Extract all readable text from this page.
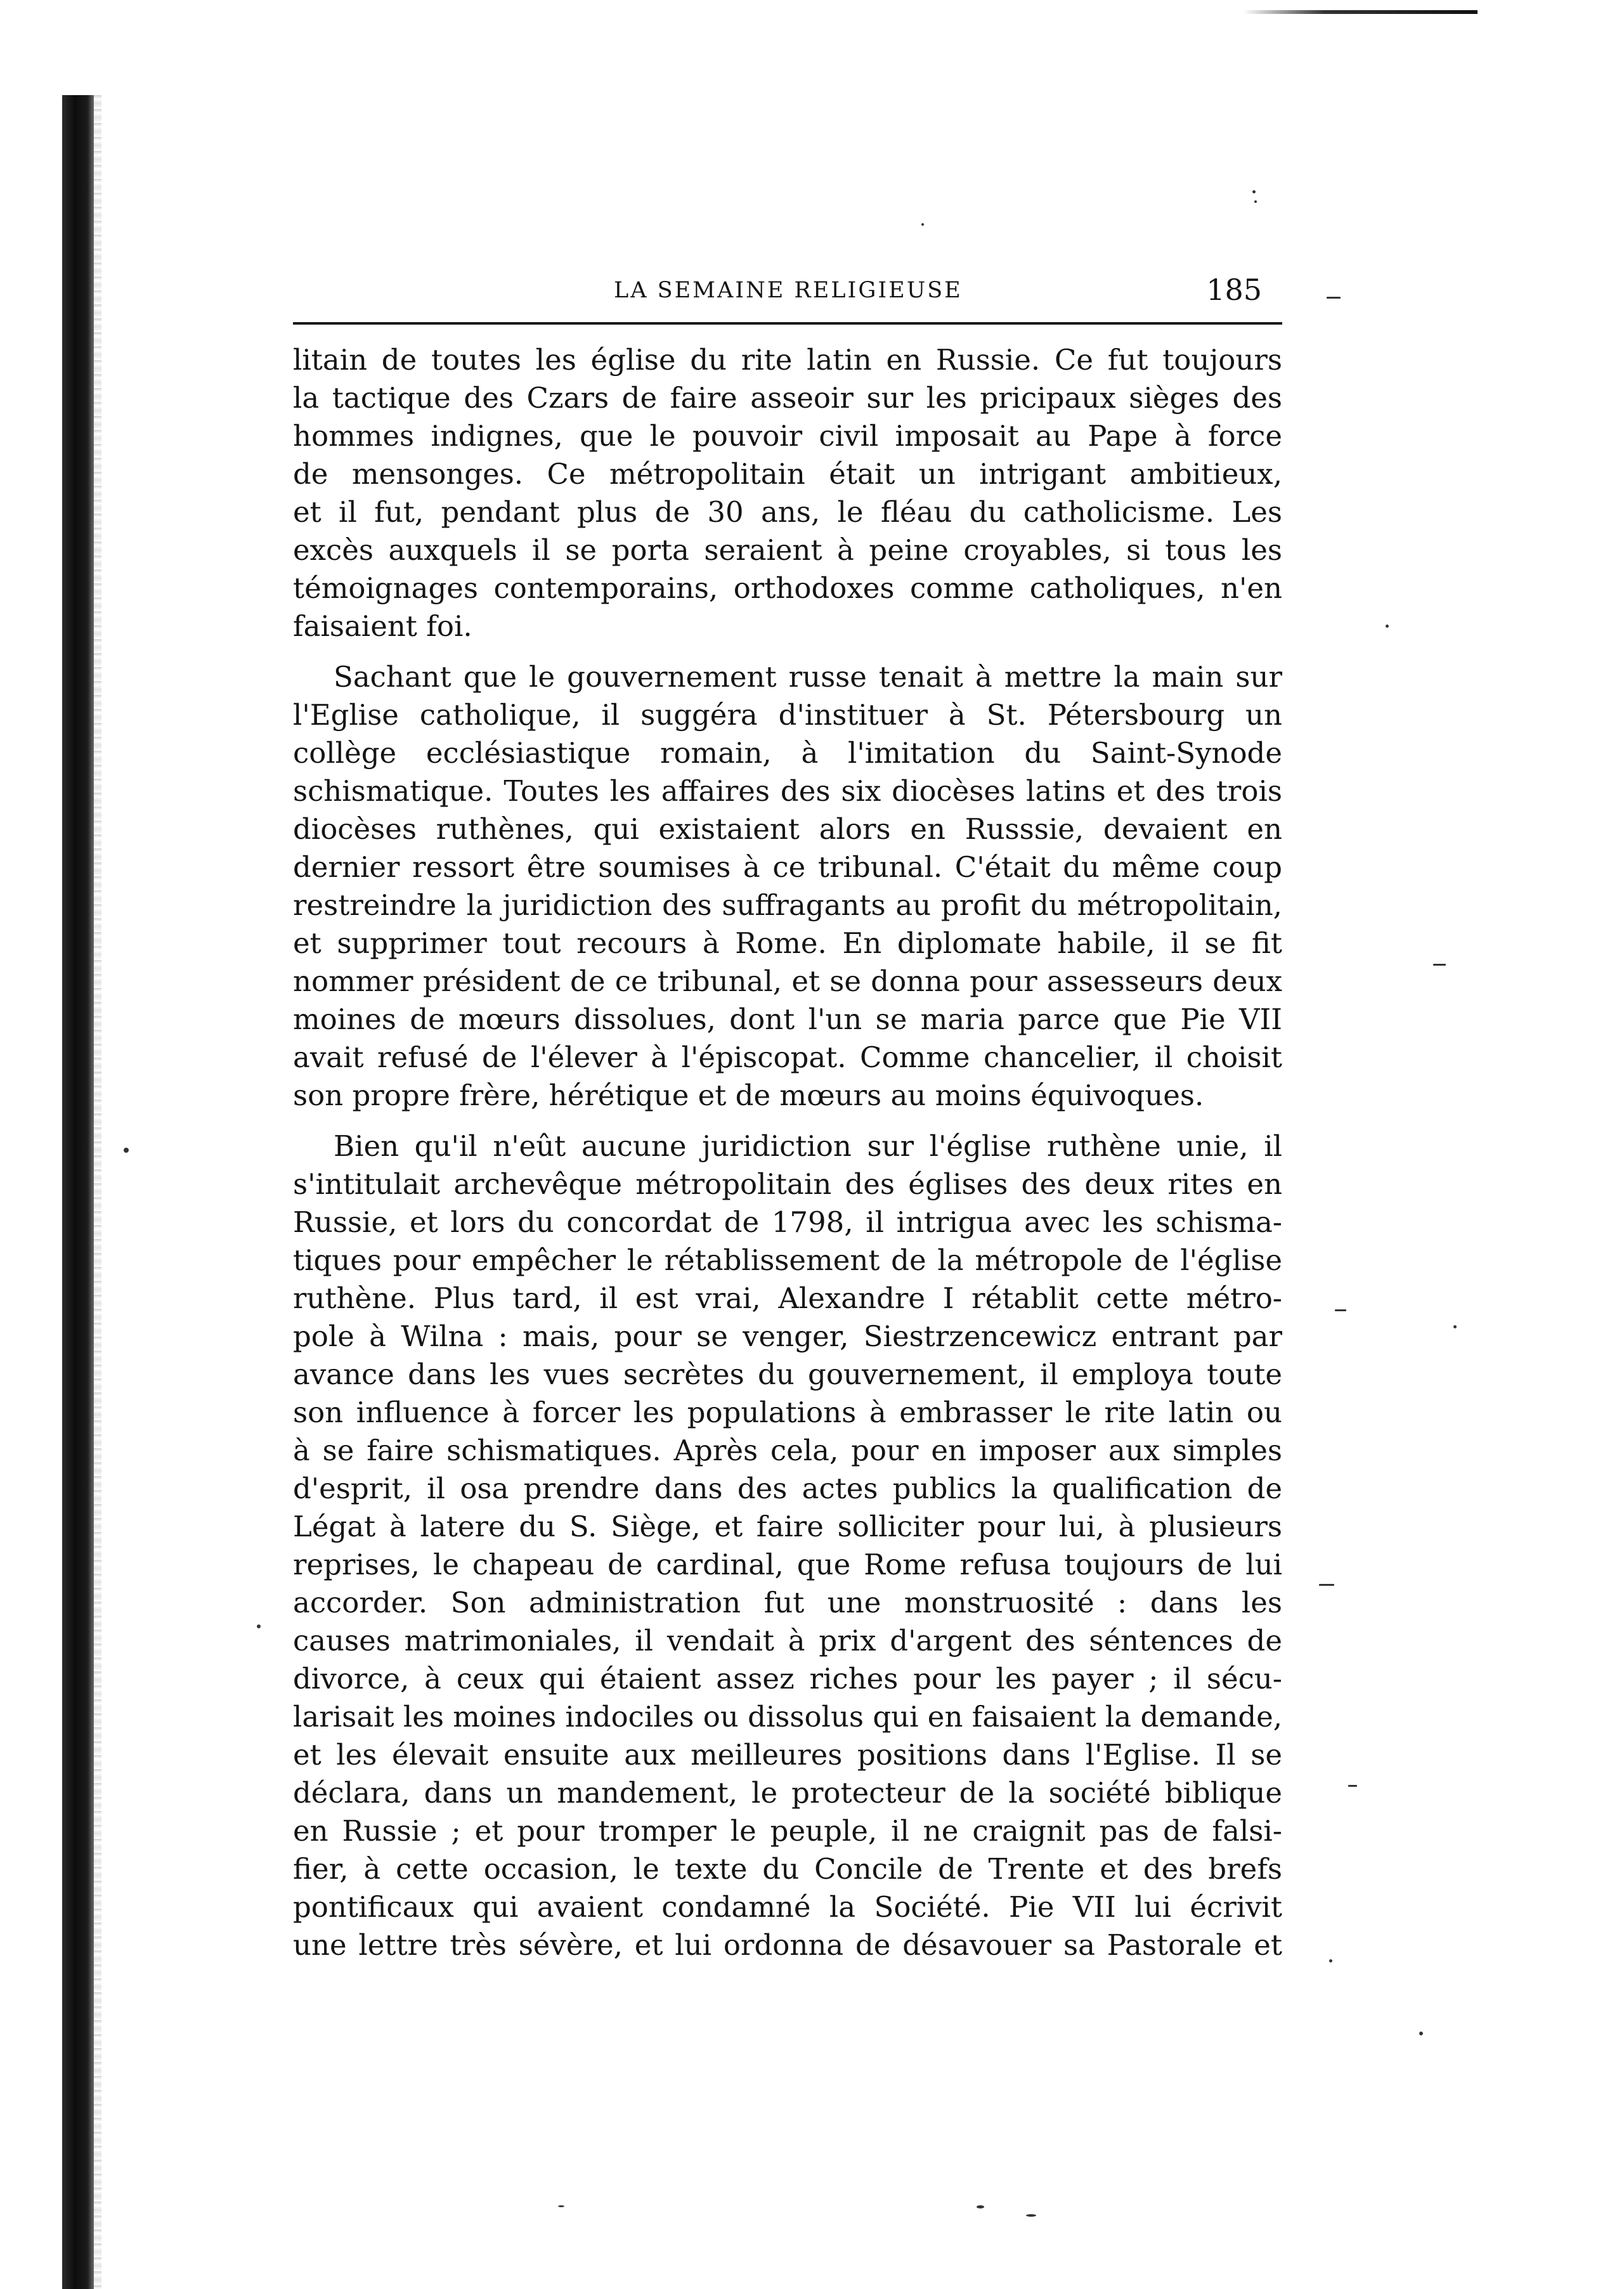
LA SEMAINE RELIGIEUSE	185
litain de toutes les église du rite latin en Russie. Ce fut toujours
la tactique des Czars de faire asseoir sur les pricipaux sièges des
hommes indignes, que le pouvoir civil imposait au Pape à force
de mensonges. Ce métropolitain était un intrigant ambitieux,
et il fut, pendant plus de 30 ans, le fléau du catholicisme. Les
excès auxquels il se porta seraient à peine croyables, si tous les
témoignages contemporains, orthodoxes comme catholiques, n'en
faisaient foi.
Sachant que le gouvernement russe tenait à mettre la main sur
l'Eglise catholique, il suggéra d'instituer à St. Pétersbourg un
collège ecclésiastique romain, à l'imitation du Saint-Synode
schismatique. Toutes les affaires des six diocèses latins et des trois
diocèses ruthènes, qui existaient alors en Russsie, devaient en
dernier ressort être soumises à ce tribunal. C'était du même coup
restreindre la juridiction des suffragants au profit du métropolitain,
et supprimer tout recours à Rome. En diplomate habile, il se fit
nommer président de ce tribunal, et se donna pour assesseurs deux
moines de mœurs dissolues, dont l'un se maria parce que Pie VII
avait refusé de l'élever à l'épiscopat. Comme chancelier, il choisit
son propre frère, hérétique et de mœurs au moins équivoques.
Bien qu'il n'eût aucune juridiction sur l'église ruthène unie, il
s'intitulait archevêque métropolitain des églises des deux rites en
Russie, et lors du concordat de 1798, il intrigua avec les schisma-
tiques pour empêcher le rétablissement de la métropole de l'église
ruthène. Plus tard, il est vrai, Alexandre I rétablit cette métro-
pole à Wilna : mais, pour se venger, Siestrzencewicz entrant par
avance dans les vues secrètes du gouvernement, il employa toute
son influence à forcer les populations à embrasser le rite latin ou
à se faire schismatiques. Après cela, pour en imposer aux simples
d'esprit, il osa prendre dans des actes publics la qualification de
Légat à latere du S. Siège, et faire solliciter pour lui, à plusieurs
reprises, le chapeau de cardinal, que Rome refusa toujours de lui
accorder. Son administration fut une monstruosité : dans les
causes matrimoniales, il vendait à prix d'argent des séntences de
divorce, à ceux qui étaient assez riches pour les payer ; il sécu-
larisait les moines indociles ou dissolus qui en faisaient la demande,
et les élevait ensuite aux meilleures positions dans l'Eglise. Il se
déclara, dans un mandement, le protecteur de la société biblique
en Russie ; et pour tromper le peuple, il ne craignit pas de falsi-
fier, à cette occasion, le texte du Concile de Trente et des brefs
pontificaux qui avaient condamné la Société. Pie VII lui écrivit
une lettre très sévère, et lui ordonna de désavouer sa Pastorale et
